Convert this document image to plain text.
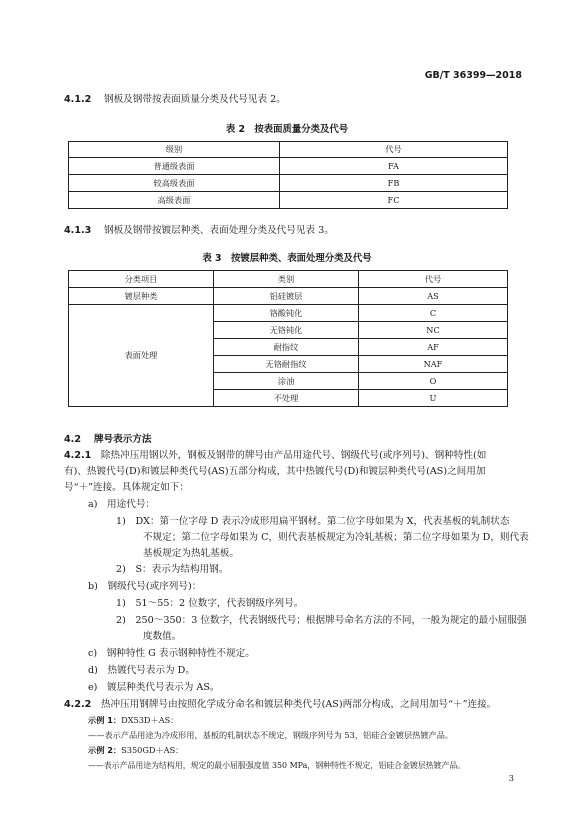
GB/T 36399—2018
4.1.2　 钢板及钢带按表面质量分类及代号见表 2。
表 2　按表面质量分类及代号
级别	代号
普通级表面	FA
较高级表面	FB
高级表面	FC
4.1.3　 钢板及钢带按镀层种类、表面处理分类及代号见表 3。
表 3　按镀层种类、表面处理分类及代号
分类项目	类别	代号
镀层种类	铝硅镀层	AS
表面处理	铬酸钝化	C
	无铬钝化	NC
	耐指纹	AF
	无铬耐指纹	NAF
	涂油	O
	不处理	U
4.2　 牌号表示方法
4.2.1　 除热冲压用钢以外，钢板及钢带的牌号由产品用途代号、钢级代号(或序列号)、钢种特性(如
有)、热镀代号(D)和镀层种类代号(AS)五部分构成，其中热镀代号(D)和镀层种类代号(AS)之间用加
号“＋”连接。具体规定如下：
a)　用途代号：
1)　DX：第一位字母 D 表示冷成形用扁平钢材。第二位字母如果为 X，代表基板的轧制状态
不规定；第二位字母如果为 C，则代表基板规定为冷轧基板；第二位字母如果为 D，则代表
基板规定为热轧基板。
2)　S：表示为结构用钢。
b)　钢级代号(或序列号)：
1)　51～55：2 位数字，代表钢级序列号。
2)　250～350：3 位数字，代表钢级代号；根据牌号命名方法的不同，一般为规定的最小屈服强
度数值。
c)　钢种特性 G 表示钢种特性不规定。
d)　热镀代号表示为 D。
e)　镀层种类代号表示为 AS。
4.2.2　 热冲压用钢牌号由按照化学成分命名和镀层种类代号(AS)两部分构成，之间用加号“＋”连接。
示例 1：DX53D＋AS：
——表示产品用途为冷成形用，基板的轧制状态不规定，钢级序列号为 53，铝硅合金镀层热镀产品。
示例 2：S350GD＋AS：
——表示产品用途为结构用，规定的最小屈服强度值 350 MPa，钢种特性不规定，铝硅合金镀层热镀产品。
3
